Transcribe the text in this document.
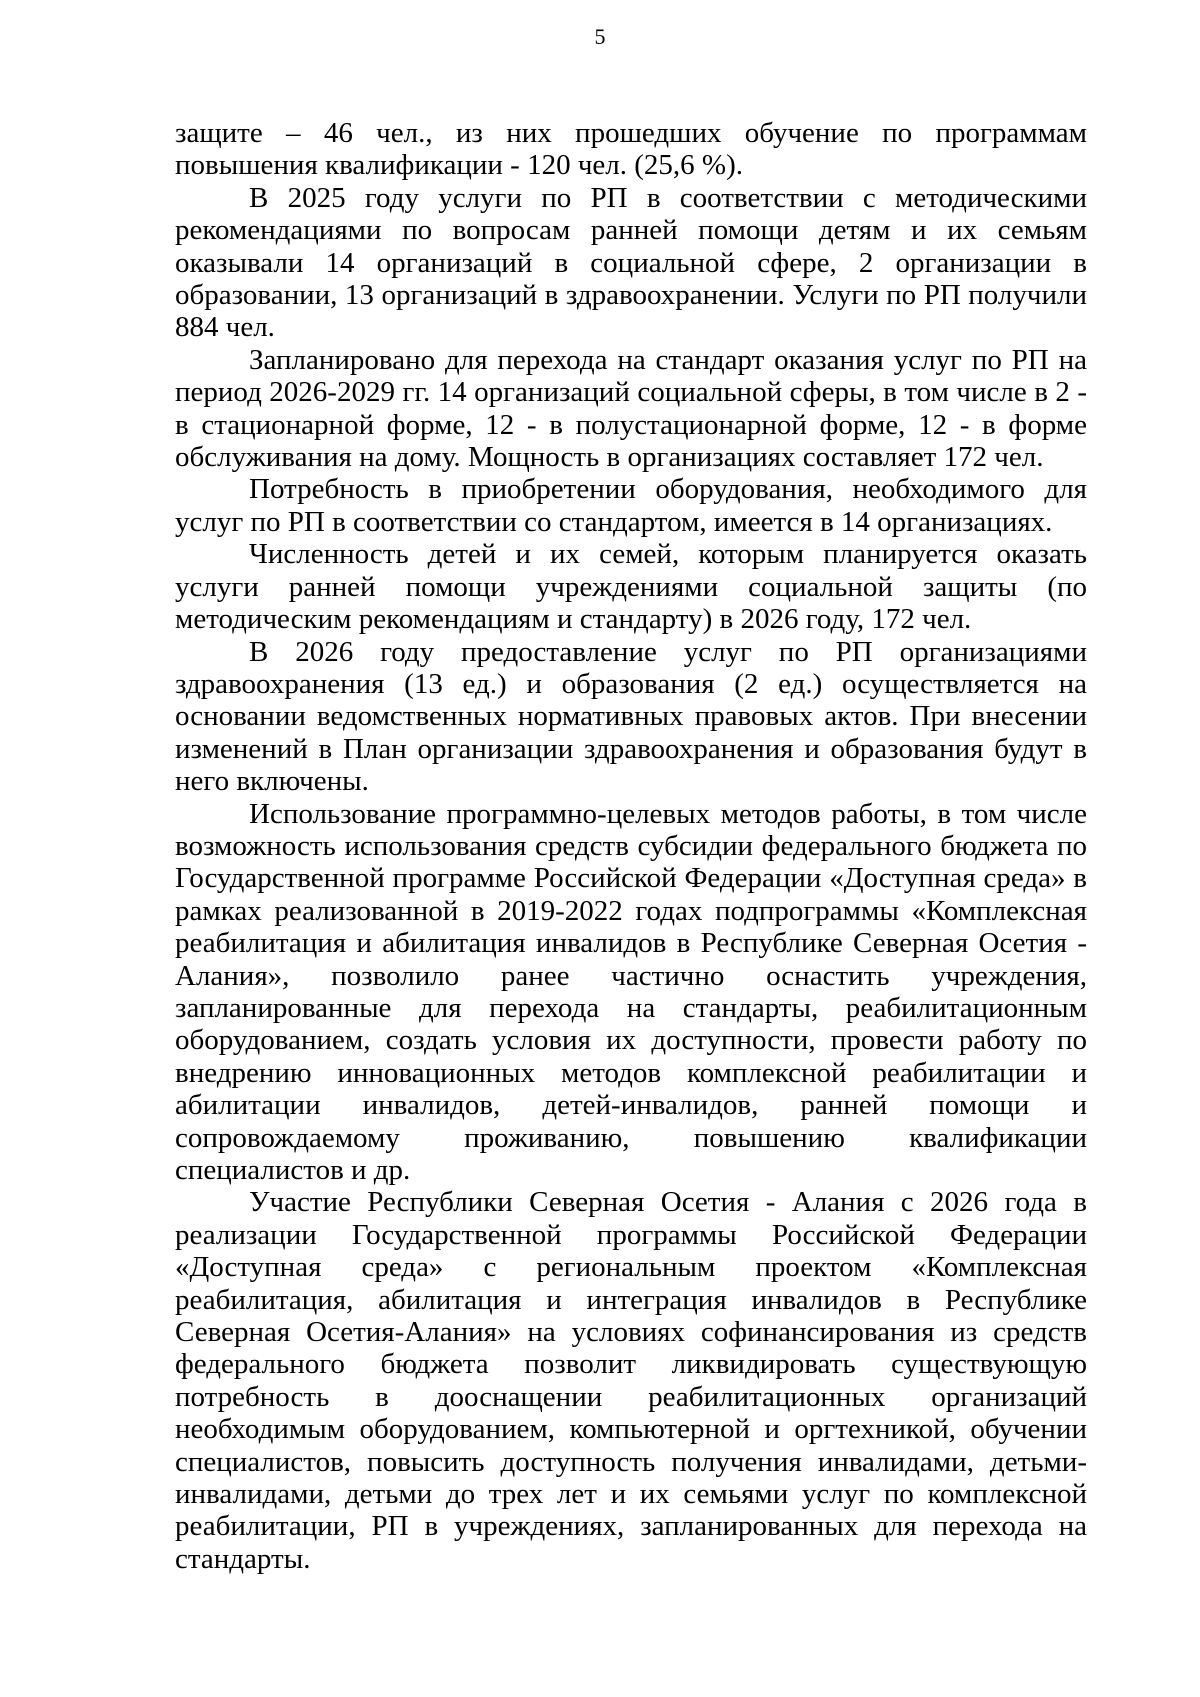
5

защите – 46 чел., из них прошедших обучение по программам повышения квалификации - 120 чел. (25,6 %).

В 2025 году услуги по РП в соответствии с методическими рекомендациями по вопросам ранней помощи детям и их семьям оказывали 14 организаций в социальной сфере, 2 организации в образовании, 13 организаций в здравоохранении. Услуги по РП получили 884 чел.

Запланировано для перехода на стандарт оказания услуг по РП на период 2026-2029 гг. 14 организаций социальной сферы, в том числе в 2 - в стационарной форме, 12 - в полустационарной форме, 12 - в форме обслуживания на дому. Мощность в организациях составляет 172 чел.

Потребность в приобретении оборудования, необходимого для услуг по РП в соответствии со стандартом, имеется в 14 организациях.

Численность детей и их семей, которым планируется оказать услуги ранней помощи учреждениями социальной защиты (по методическим рекомендациям и стандарту) в 2026 году, 172 чел.

В 2026 году предоставление услуг по РП организациями здравоохранения (13 ед.) и образования (2 ед.) осуществляется на основании ведомственных нормативных правовых актов. При внесении изменений в План организации здравоохранения и образования будут в него включены.

Использование программно-целевых методов работы, в том числе возможность использования средств субсидии федерального бюджета по Государственной программе Российской Федерации «Доступная среда» в рамках реализованной в 2019-2022 годах подпрограммы «Комплексная реабилитация и абилитация инвалидов в Республике Северная Осетия - Алания», позволило ранее частично оснастить учреждения, запланированные для перехода на стандарты, реабилитационным оборудованием, создать условия их доступности, провести работу по внедрению инновационных методов комплексной реабилитации и абилитации инвалидов, детей-инвалидов, ранней помощи и сопровождаемому проживанию, повышению квалификации специалистов и др.

Участие Республики Северная Осетия - Алания с 2026 года в реализации Государственной программы Российской Федерации «Доступная среда» с региональным проектом «Комплексная реабилитация, абилитация и интеграция инвалидов в Республике Северная Осетия-Алания» на условиях софинансирования из средств федерального бюджета позволит ликвидировать существующую потребность в дооснащении реабилитационных организаций необходимым оборудованием, компьютерной и оргтехникой, обучении специалистов, повысить доступность получения инвалидами, детьми-инвалидами, детьми до трех лет и их семьями услуг по комплексной реабилитации, РП в учреждениях, запланированных для перехода на стандарты.
